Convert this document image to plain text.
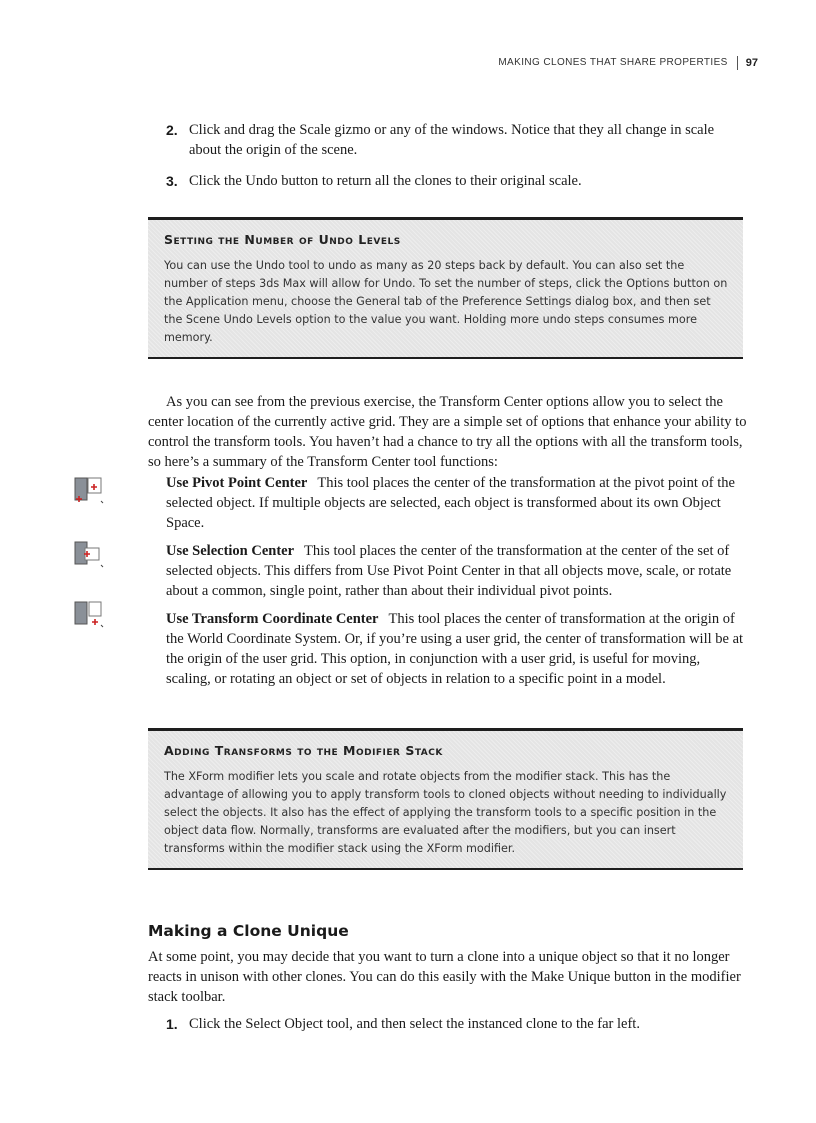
MAKING CLONES THAT SHARE PROPERTIES	97
2. Click and drag the Scale gizmo or any of the windows. Notice that they all change in scale about the origin of the scene.
3. Click the Undo button to return all the clones to their original scale.
Setting the Number of Undo Levels
You can use the Undo tool to undo as many as 20 steps back by default. You can also set the number of steps 3ds Max will allow for Undo. To set the number of steps, click the Options button on the Application menu, choose the General tab of the Preference Settings dialog box, and then set the Scene Undo Levels option to the value you want. Holding more undo steps consumes more memory.
As you can see from the previous exercise, the Transform Center options allow you to select the center location of the currently active grid. They are a simple set of options that enhance your ability to control the transform tools. You haven’t had a chance to try all the options with all the transform tools, so here’s a summary of the Transform Center tool functions:
Use Pivot Point Center This tool places the center of the transformation at the pivot point of the selected object. If multiple objects are selected, each object is transformed about its own Object Space.
Use Selection Center This tool places the center of the transformation at the center of the set of selected objects. This differs from Use Pivot Point Center in that all objects move, scale, or rotate about a common, single point, rather than about their individual pivot points.
Use Transform Coordinate Center This tool places the center of transformation at the origin of the World Coordinate System. Or, if you’re using a user grid, the center of transformation will be at the origin of the user grid. This option, in conjunction with a user grid, is useful for moving, scaling, or rotating an object or set of objects in relation to a specific point in a model.
Adding Transforms to the Modifier Stack
The XForm modifier lets you scale and rotate objects from the modifier stack. This has the advantage of allowing you to apply transform tools to cloned objects without needing to individually select the objects. It also has the effect of applying the transform tools to a specific position in the object data flow. Normally, transforms are evaluated after the modifiers, but you can insert transforms within the modifier stack using the XForm modifier.
Making a Clone Unique
At some point, you may decide that you want to turn a clone into a unique object so that it no longer reacts in unison with other clones. You can do this easily with the Make Unique button in the modifier stack toolbar.
1. Click the Select Object tool, and then select the instanced clone to the far left.
